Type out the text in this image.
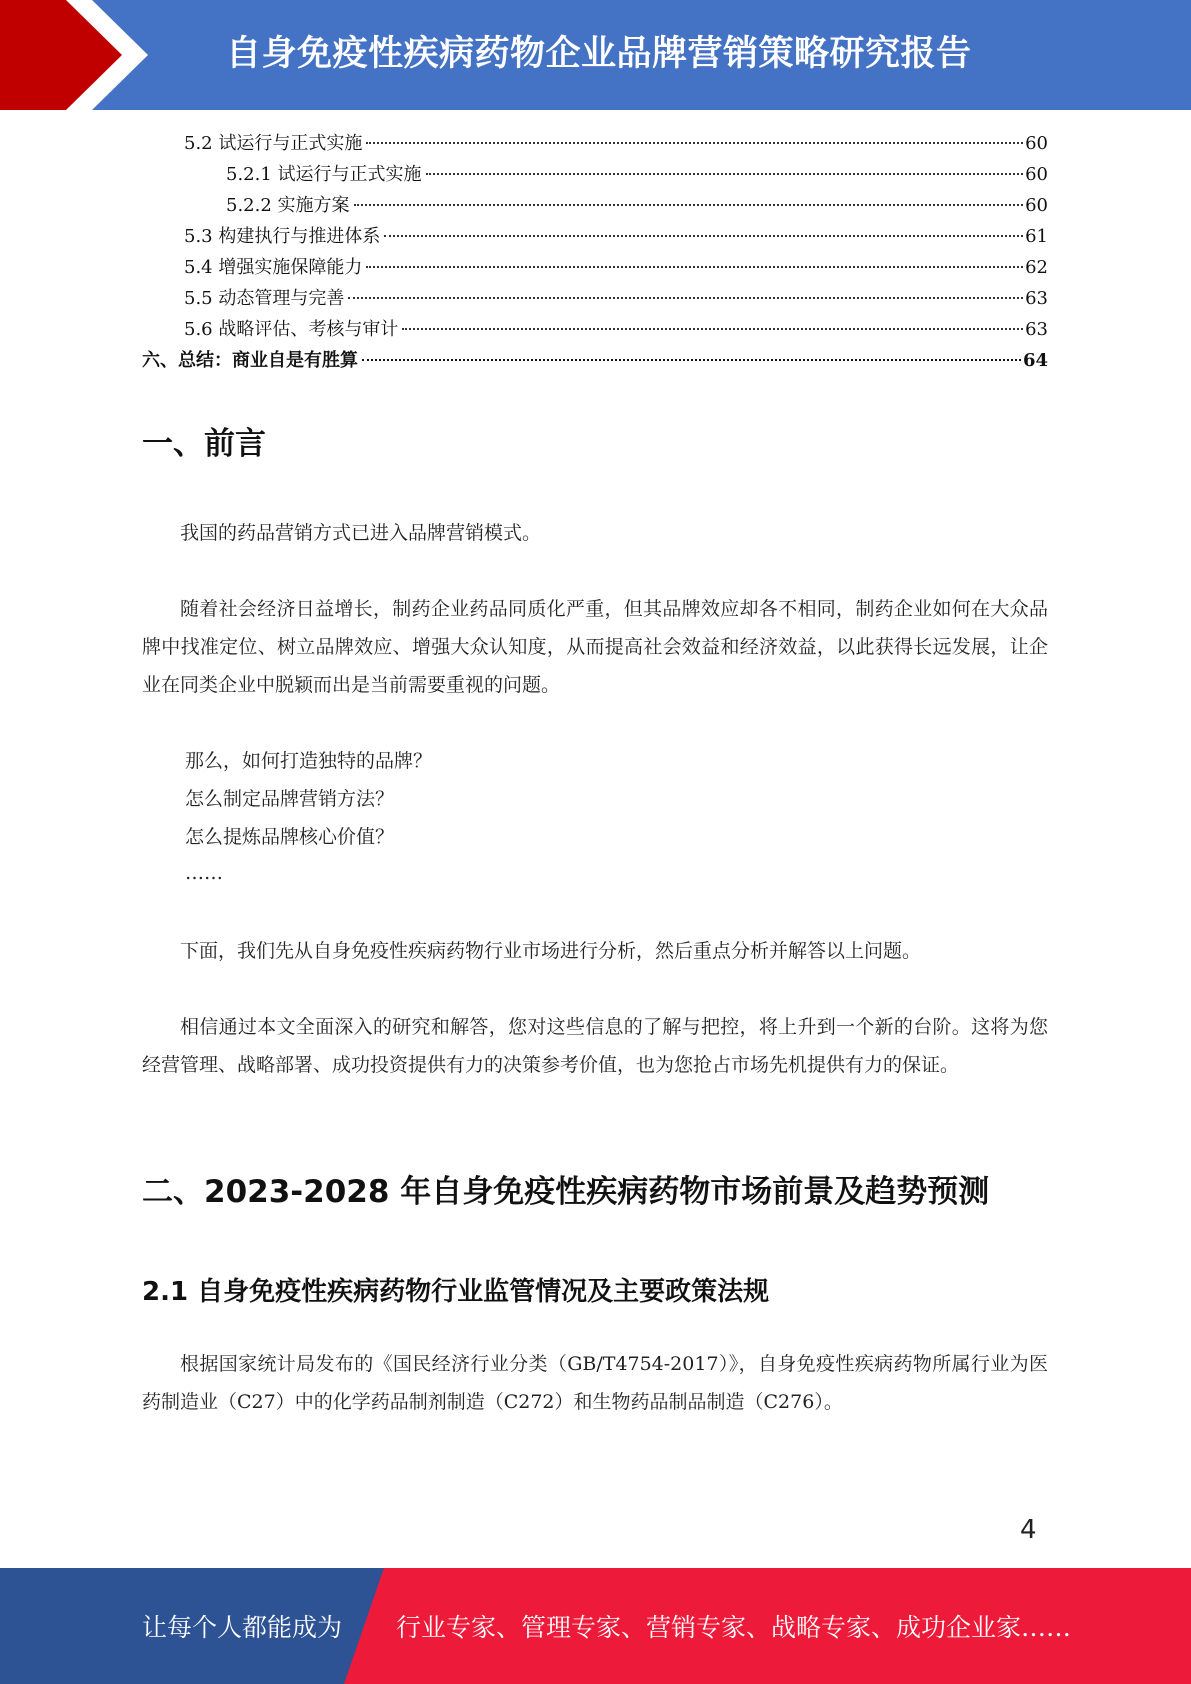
自身免疫性疾病药物企业品牌营销策略研究报告
5.2 试运行与正式实施	60
5.2.1 试运行与正式实施	60
5.2.2 实施方案	60
5.3 构建执行与推进体系	61
5.4 增强实施保障能力	62
5.5 动态管理与完善	63
5.6 战略评估、考核与审计	63
六、总结：商业自是有胜算	64
一、前言
我国的药品营销方式已进入品牌营销模式。
随着社会经济日益增长，制药企业药品同质化严重，但其品牌效应却各不相同，制药企业如何在大众品牌中找准定位、树立品牌效应、增强大众认知度，从而提高社会效益和经济效益，以此获得长远发展，让企业在同类企业中脱颖而出是当前需要重视的问题。
那么，如何打造独特的品牌？
怎么制定品牌营销方法？
怎么提炼品牌核心价值？
……
下面，我们先从自身免疫性疾病药物行业市场进行分析，然后重点分析并解答以上问题。
相信通过本文全面深入的研究和解答，您对这些信息的了解与把控，将上升到一个新的台阶。这将为您经营管理、战略部署、成功投资提供有力的决策参考价值，也为您抢占市场先机提供有力的保证。
二、2023-2028 年自身免疫性疾病药物市场前景及趋势预测
2.1 自身免疫性疾病药物行业监管情况及主要政策法规
根据国家统计局发布的《国民经济行业分类（GB/T4754-2017）》，自身免疫性疾病药物所属行业为医药制造业（C27）中的化学药品制剂制造（C272）和生物药品制品制造（C276）。
4
让每个人都能成为 行业专家、管理专家、营销专家、战略专家、成功企业家……
